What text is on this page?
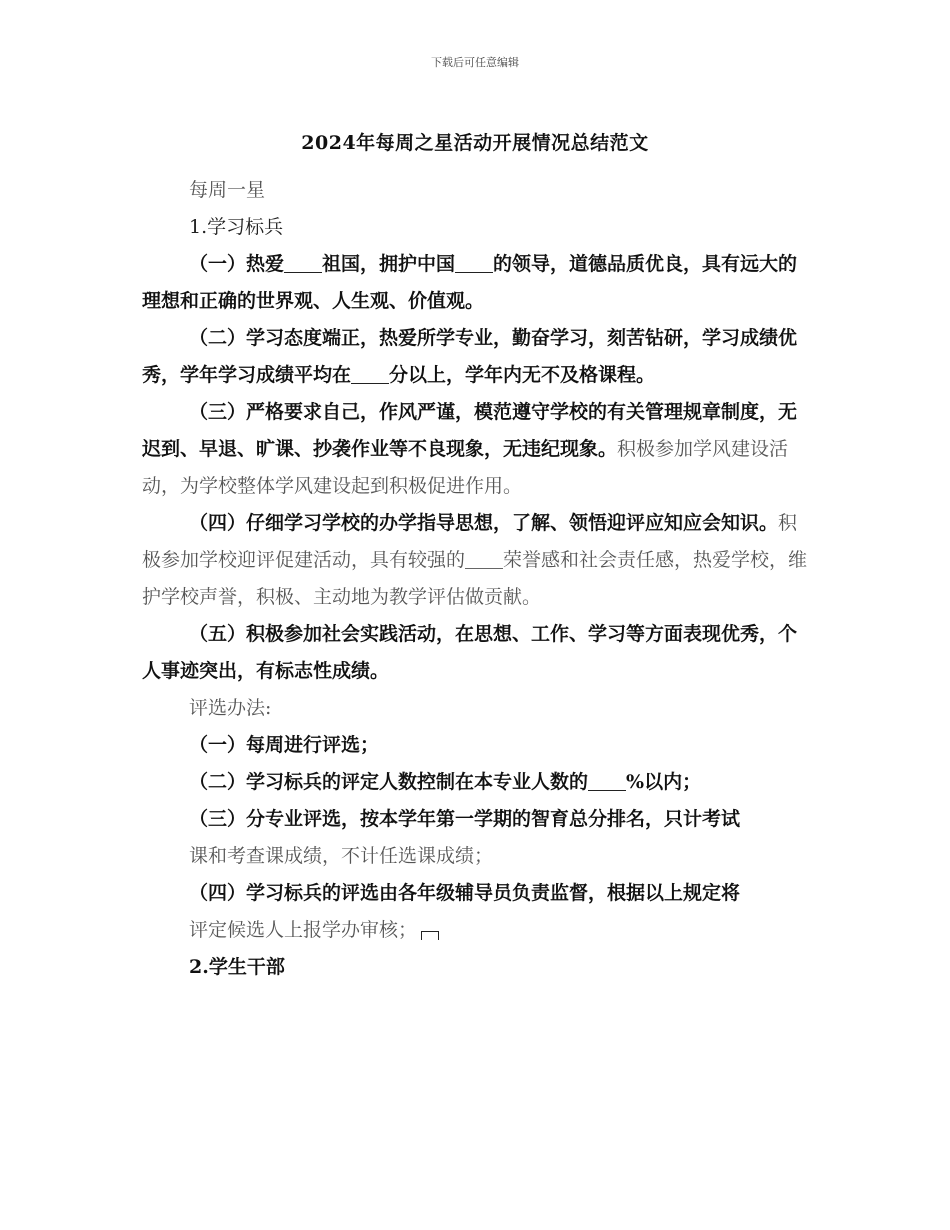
下载后可任意编辑
2024年每周之星活动开展情况总结范文

每周一星

1.学习标兵

（一）热爱 祖国，拥护中国 的领导，道德品质优良，具有远大的理想和正确的世界观、人生观、价值观。

（二）学习态度端正，热爱所学专业，勤奋学习，刻苦钻研，学习成绩优秀，学年学习成绩平均在 分以上，学年内无不及格课程。

（三）严格要求自己，作风严谨，模范遵守学校的有关管理规章制度，无迟到、早退、旷课、抄袭作业等不良现象，无违纪现象。积极参加学风建设活动，为学校整体学风建设起到积极促进作用。

（四）仔细学习学校的办学指导思想，了解、领悟迎评应知应会知识。积极参加学校迎评促建活动，具有较强的 荣誉感和社会责任感，热爱学校，维护学校声誉，积极、主动地为教学评估做贡献。

（五）积极参加社会实践活动，在思想、工作、学习等方面表现优秀，个人事迹突出，有标志性成绩。

评选办法:

（一）每周进行评选；

（二）学习标兵的评定人数控制在本专业人数的 %以内；

（三）分专业评选，按本学年第一学期的智育总分排名，只计考试

课和考查课成绩，不计任选课成绩；

（四）学习标兵的评选由各年级辅导员负责监督，根据以上规定将

评定候选人上报学办审核；

2.学生干部
